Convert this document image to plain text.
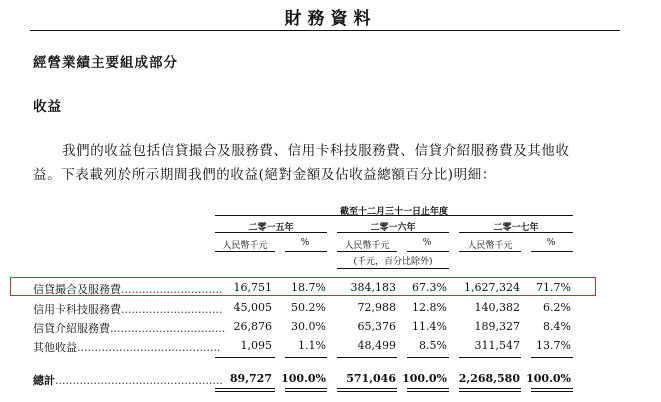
財務資料
經營業績主要組成部分
收益
我們的收益包括信貸撮合及服務費、信用卡科技服務費、信貸介紹服務費及其他收
益。下表載列於所示期間我們的收益(絕對金額及佔收益總額百分比)明細：
截至十二月三十一日止年度
二零一五年	二零一六年	二零一七年
人民幣千元	%	人民幣千元	%	人民幣千元	%
(千元，百分比除外)
信貸撮合及服務費.............................	16,751	18.7%	384,183	67.3%	1,627,324	71.7%
信用卡科技服務費.............................	45,005	50.2%	72,988	12.8%	140,382	6.2%
信貸介紹服務費................................. 26,876	30.0%	65,376	11.4%	189,327	8.4%
其他收益.........................................	1,095	1.1%	48,499	8.5%	311,547	13.7%
總計................................................ 89,727 100.0%	571,046 100.0%	2,268,580 100.0%
